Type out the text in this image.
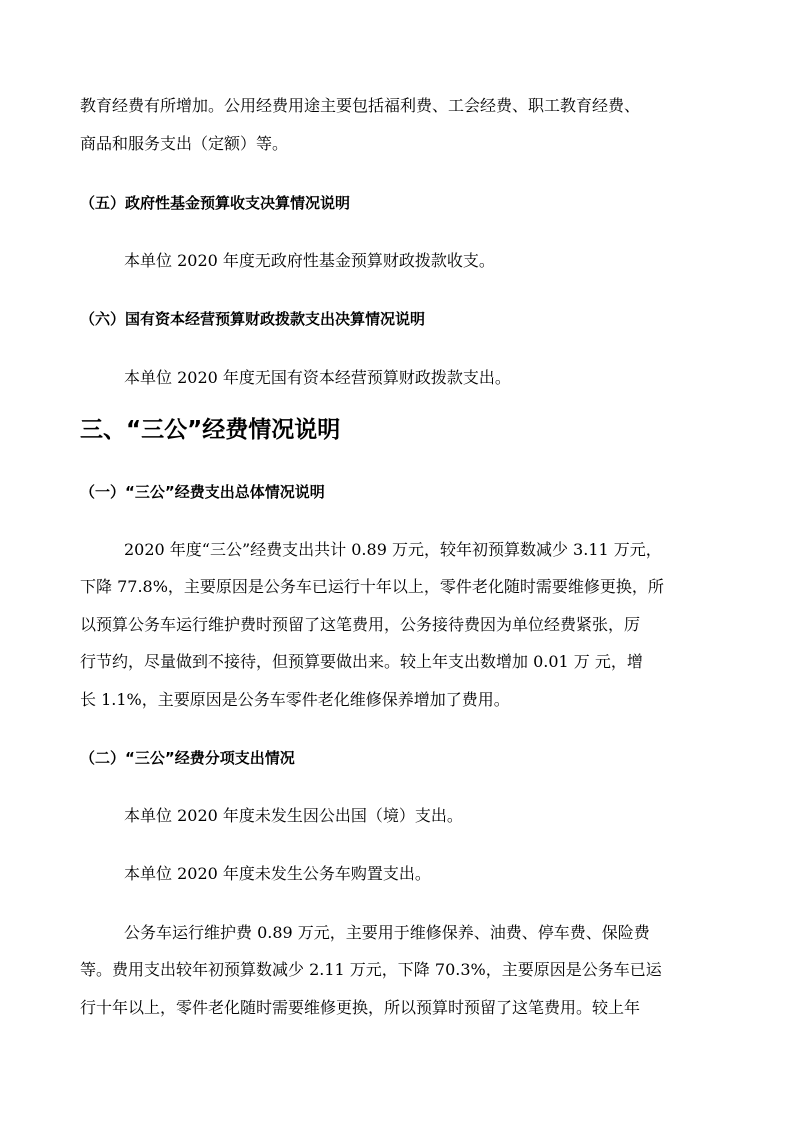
教育经费有所增加。公用经费用途主要包括福利费、工会经费、职工教育经费、
商品和服务支出（定额）等。
（五）政府性基金预算收支决算情况说明
本单位 2020 年度无政府性基金预算财政拨款收支。
（六）国有资本经营预算财政拨款支出决算情况说明
本单位 2020 年度无国有资本经营预算财政拨款支出。
三、“三公”经费情况说明
（一）“三公”经费支出总体情况说明
2020 年度“三公”经费支出共计 0.89 万元，较年初预算数减少 3.11 万元，
下降 77.8%，主要原因是公务车已运行十年以上，零件老化随时需要维修更换，所
以预算公务车运行维护费时预留了这笔费用，公务接待费因为单位经费紧张，厉
行节约，尽量做到不接待，但预算要做出来。较上年支出数增加 0.01 万 元，增
长 1.1%，主要原因是公务车零件老化维修保养增加了费用。
（二）“三公”经费分项支出情况
本单位 2020 年度未发生因公出国（境）支出。
本单位 2020 年度未发生公务车购置支出。
公务车运行维护费 0.89 万元，主要用于维修保养、油费、停车费、保险费
等。费用支出较年初预算数减少 2.11 万元，下降 70.3%，主要原因是公务车已运
行十年以上，零件老化随时需要维修更换，所以预算时预留了这笔费用。较上年
